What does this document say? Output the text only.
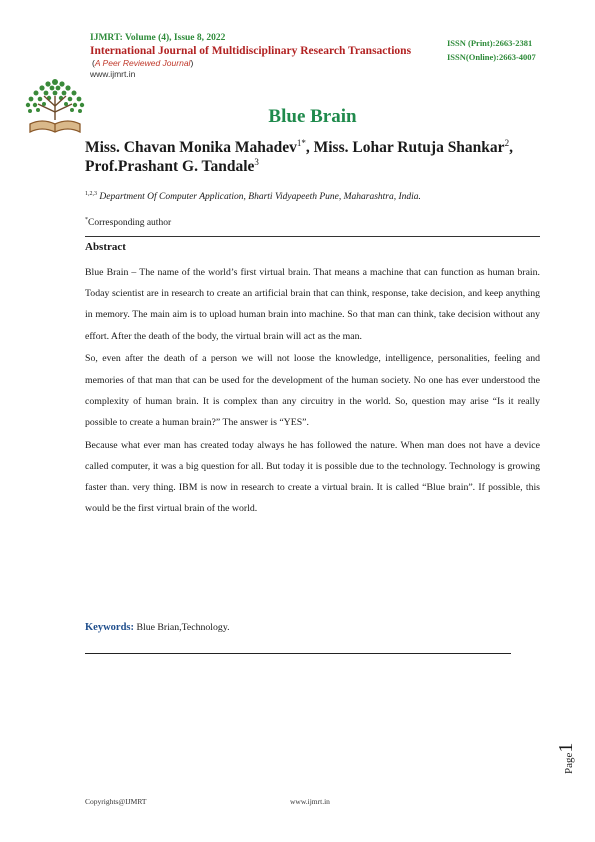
IJMRT: Volume (4), Issue 8, 2022
International Journal of Multidisciplinary Research Transactions
(A Peer Reviewed Journal)
www.ijmrt.in
ISSN (Print):2663-2381
ISSN(Online):2663-4007
Blue Brain
Miss. Chavan Monika Mahadev$^{1*}$, Miss. Lohar Rutuja Shankar$^2$,
Prof.Prashant G. Tandale$^3$
$^{1,2,3}$ Department Of Computer Application, Bharti Vidyapeeth Pune, Maharashtra, India.
*Corresponding author
Abstract

Blue Brain – The name of the world’s first virtual brain. That means a machine that can function as human brain. Today scientist are in research to create an artificial brain that can think, response, take decision, and keep anything in memory. The main aim is to upload human brain into machine. So that man can think, take decision without any effort. After the death of the body, the virtual brain will act as the man.

So, even after the death of a person we will not loose the knowledge, intelligence, personalities, feeling and memories of that man that can be used for the development of the human society. No one has ever understood the complexity of human brain. It is complex than any circuitry in the world. So, question may arise “Is it really possible to create a human brain?” The answer is “YES”.

Because what ever man has created today always he has followed the nature. When man does not have a device called computer, it was a big question for all. But today it is possible due to the technology. Technology is growing faster than. very thing. IBM is now in research to create a virtual brain. It is called “Blue brain”. If possible, this would be the first virtual brain of the world.

Keywords: Blue Brian,Technology.
Page1
Copyrights@IJMRT	www.ijmrt.in
